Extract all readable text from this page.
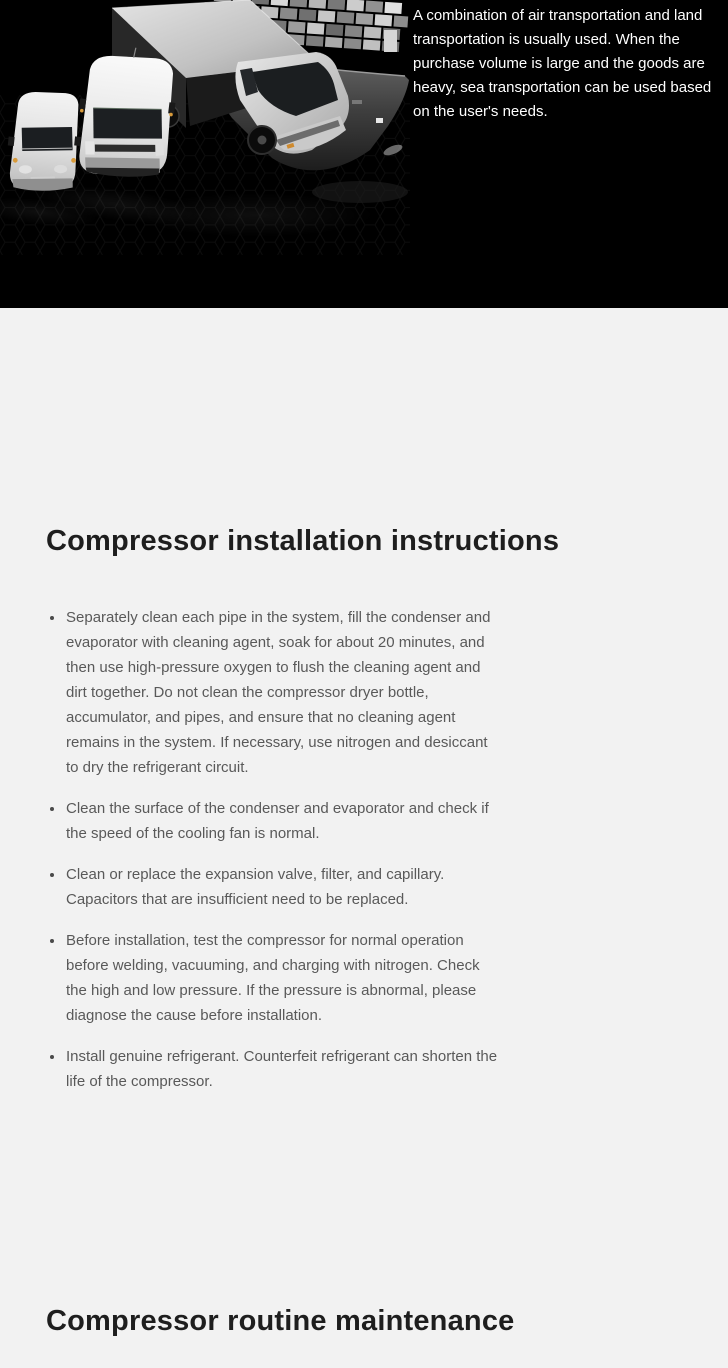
A combination of air transportation and land
transportation is usually used. When the
purchase volume is large and the goods are
heavy, sea transportation can be used based
on the user's needs.
Compressor installation instructions
• Separately clean each pipe in the system, fill the condenser and evaporator with cleaning agent, soak for about 20 minutes, and then use high-pressure oxygen to flush the cleaning agent and dirt together. Do not clean the compressor dryer bottle, accumulator, and pipes, and ensure that no cleaning agent remains in the system. If necessary, use nitrogen and desiccant to dry the refrigerant circuit.
• Clean the surface of the condenser and evaporator and check if the speed of the cooling fan is normal.
• Clean or replace the expansion valve, filter, and capillary. Capacitors that are insufficient need to be replaced.
• Before installation, test the compressor for normal operation before welding, vacuuming, and charging with nitrogen. Check the high and low pressure. If the pressure is abnormal, please diagnose the cause before installation.
• Install genuine refrigerant. Counterfeit refrigerant can shorten the life of the compressor.
Compressor routine maintenance
